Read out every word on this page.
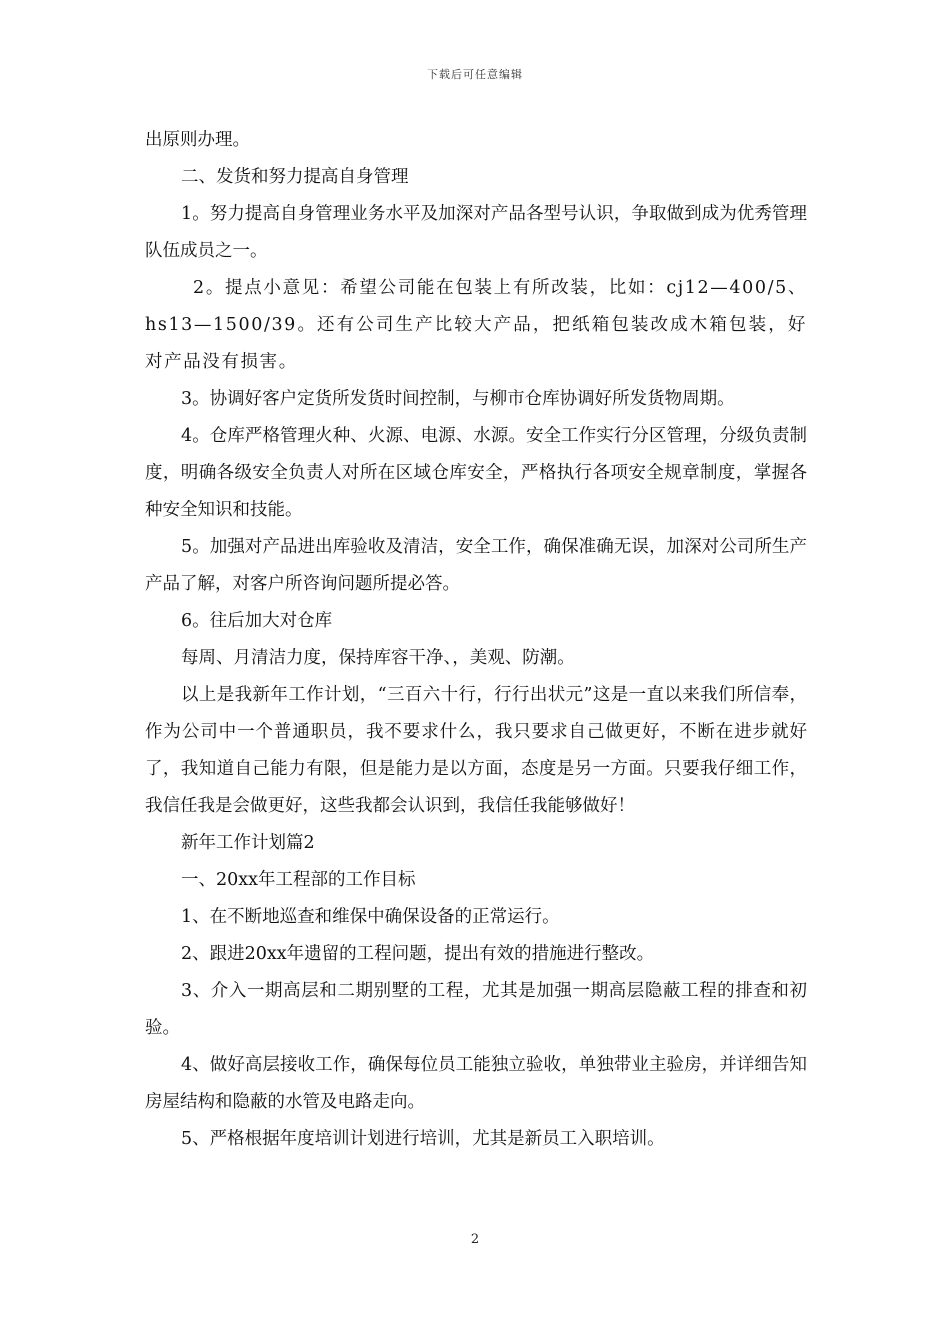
下载后可任意编辑

出原则办理。

二、发货和努力提高自身管理

1。努力提高自身管理业务水平及加深对产品各型号认识，争取做到成为优秀管理队伍成员之一。

2。提点小意见：希望公司能在包装上有所改装，比如：cj12—400/5、hs13—1500/39。还有公司生产比较大产品，把纸箱包装改成木箱包装，好对产品没有损害。

3。协调好客户定货所发货时间控制，与柳市仓库协调好所发货物周期。

4。仓库严格管理火种、火源、电源、水源。安全工作实行分区管理，分级负责制度，明确各级安全负责人对所在区域仓库安全，严格执行各项安全规章制度，掌握各种安全知识和技能。

5。加强对产品进出库验收及清洁，安全工作，确保准确无误，加深对公司所生产产品了解，对客户所咨询问题所提必答。

6。往后加大对仓库

每周、月清洁力度，保持库容干净、，美观、防潮。

以上是我新年工作计划，“三百六十行，行行出状元”这是一直以来我们所信奉，作为公司中一个普通职员，我不要求什么，我只要求自己做更好，不断在进步就好了，我知道自己能力有限，但是能力是以方面，态度是另一方面。只要我仔细工作，我信任我是会做更好，这些我都会认识到，我信任我能够做好！

新年工作计划篇2

一、20xx年工程部的工作目标

1、在不断地巡查和维保中确保设备的正常运行。

2、跟进20xx年遗留的工程问题，提出有效的措施进行整改。

3、介入一期高层和二期别墅的工程，尤其是加强一期高层隐蔽工程的排查和初验。

4、做好高层接收工作，确保每位员工能独立验收，单独带业主验房，并详细告知房屋结构和隐蔽的水管及电路走向。

5、严格根据年度培训计划进行培训，尤其是新员工入职培训。

2
